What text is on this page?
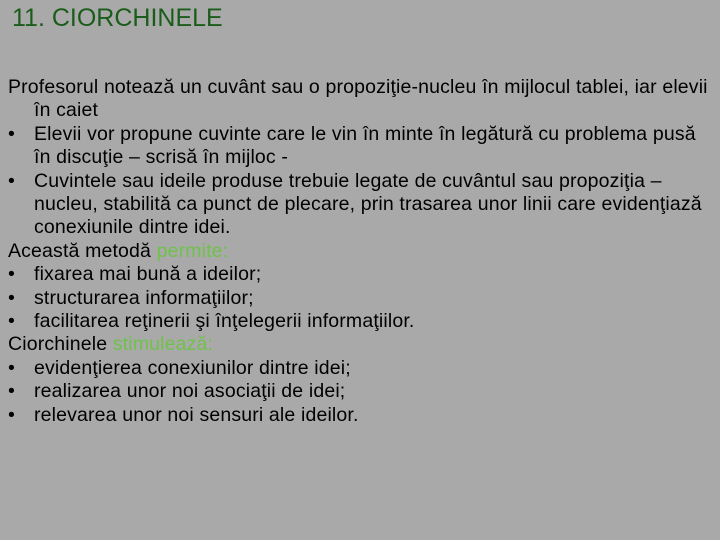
11. CIORCHINELE
Profesorul notează un cuvânt sau o propoziţie-nucleu în mijlocul tablei, iar elevii în caiet
• Elevii vor propune cuvinte care le vin în minte în legătură cu problema pusă în discuţie – scrisă în mijloc -
• Cuvintele sau ideile produse trebuie legate de cuvântul sau propoziţia – nucleu, stabilită ca punct de plecare, prin trasarea unor linii care evidenţiază conexiunile dintre idei.
Această metodă permite:
• fixarea mai bună a ideilor;
• structurarea informaţiilor;
• facilitarea reţinerii şi înţelegerii informaţiilor.
Ciorchinele stimulează:
• evidenţierea conexiunilor dintre idei;
• realizarea unor noi asociaţii de idei;
• relevarea unor noi sensuri ale ideilor.
